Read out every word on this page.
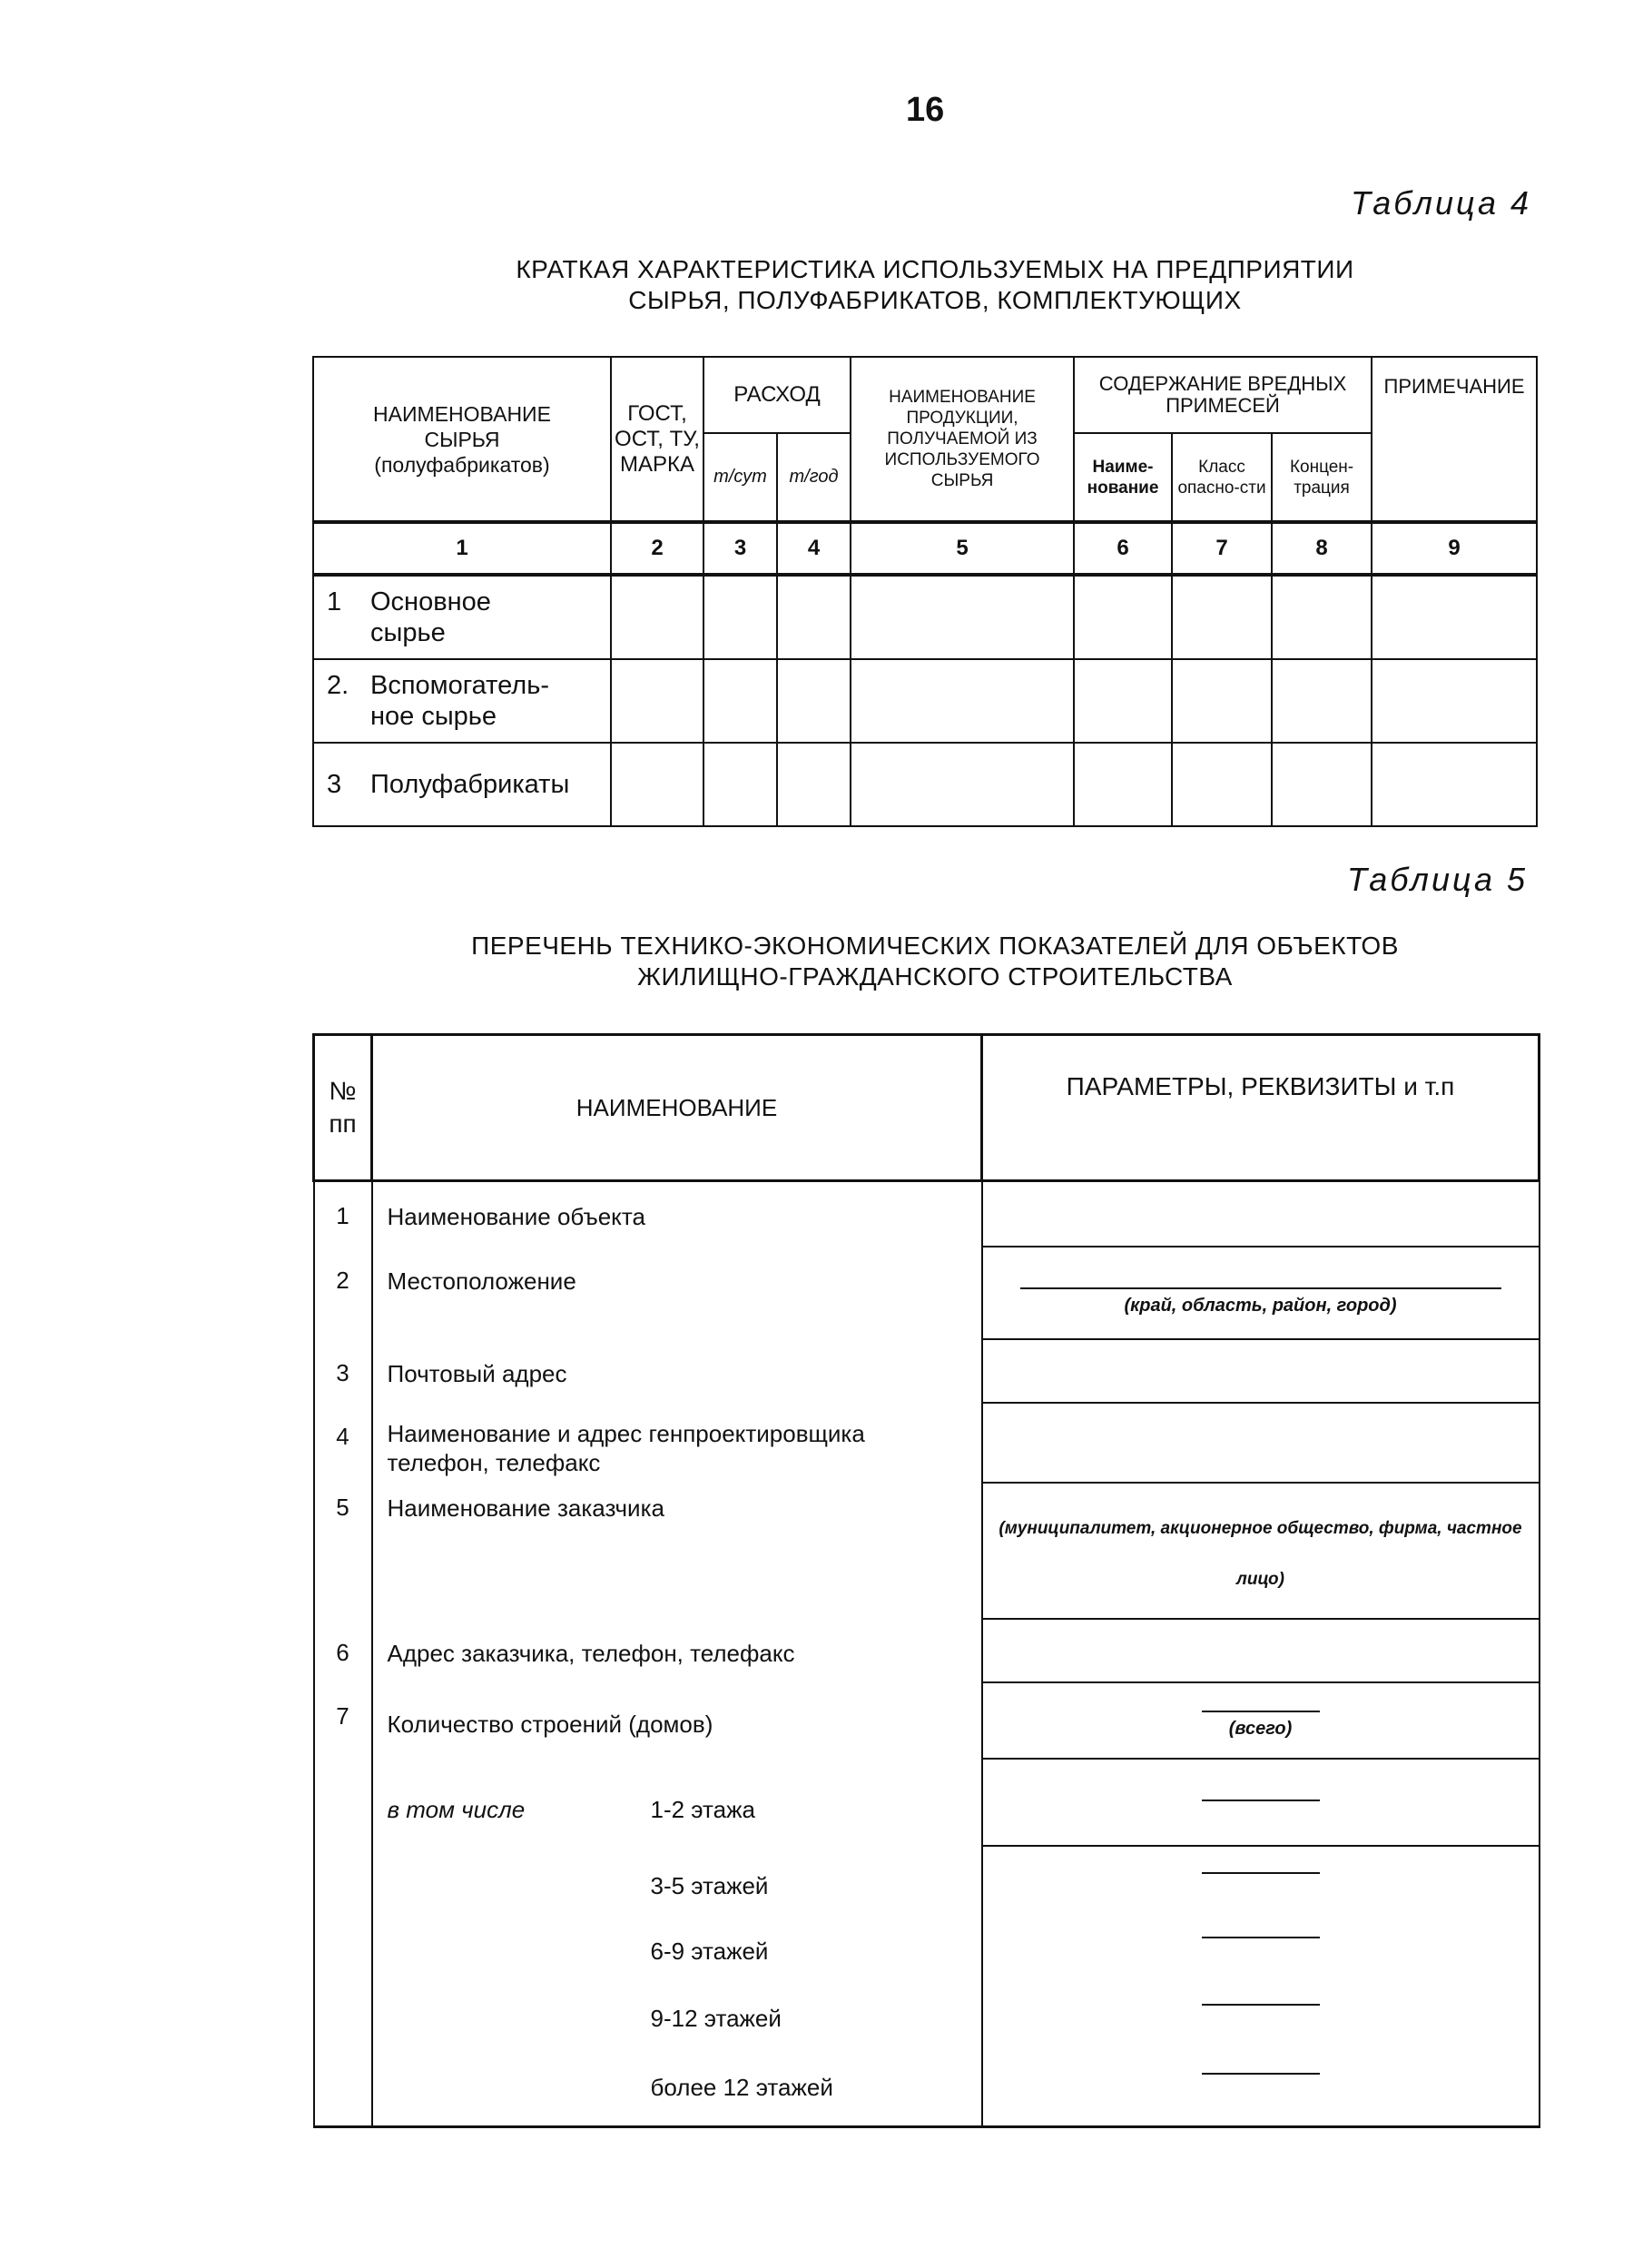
16
Таблица 4
КРАТКАЯ ХАРАКТЕРИСТИКА ИСПОЛЬЗУЕМЫХ НА ПРЕДПРИЯТИИ
СЫРЬЯ, ПОЛУФАБРИКАТОВ, КОМПЛЕКТУЮЩИХ
НАИМЕНОВАНИЕ СЫРЬЯ (полуфабрикатов)	ГОСТ, ОСТ, ТУ, МАРКА	РАСХОД		НАИМЕНОВАНИЕ ПРОДУКЦИИ, ПОЛУЧАЕМОЙ ИЗ ИСПОЛЬЗУЕМОГО СЫРЬЯ	СОДЕРЖАНИЕ ВРЕДНЫХ ПРИМЕСЕЙ			ПРИМЕЧАНИЕ
		т/сут	т/год		Наиме-нование	Класс опасно-сти	Концен-трация	
1	2	3	4	5	6	7	8	9
1 Основное сырье								
2. Вспомогатель-ное сырье								
3 Полуфабрикаты								
Таблица 5
ПЕРЕЧЕНЬ ТЕХНИКО-ЭКОНОМИЧЕСКИХ ПОКАЗАТЕЛЕЙ ДЛЯ ОБЪЕКТОВ
ЖИЛИЩНО-ГРАЖДАНСКОГО СТРОИТЕЛЬСТВА
№ пп	НАИМЕНОВАНИЕ	ПАРАМЕТРЫ, РЕКВИЗИТЫ и т.п
1	Наименование объекта	
2	Местоположение	(край, область, район, город)
3	Почтовый адрес	
4	Наименование и адрес генпроектировщика телефон, телефакс	
5	Наименование заказчика	(муниципалитет, акционерное общество, фирма, частное лицо)
6	Адрес заказчика, телефон, телефакс	
7	Количество строений (домов)	(всего)
	в том числе 1-2 этажа	

	3-5 этажей	

	6-9 этажей	

	9-12 этажей	

	более 12 этажей	
